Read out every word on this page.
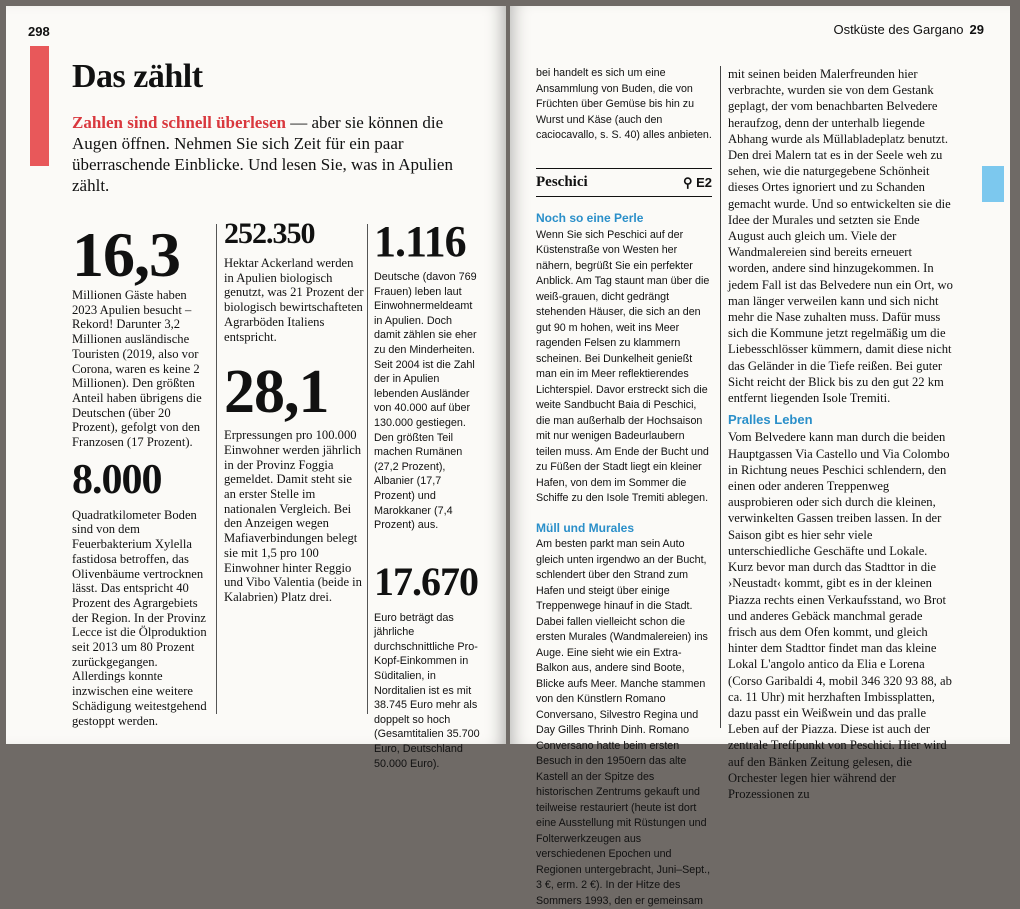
298
Das zählt

Zahlen sind schnell überlesen — aber sie können die Augen öffnen. Nehmen Sie sich Zeit für ein paar überraschende Einblicke. Und lesen Sie, was in Apulien zählt.

16,3

Millionen Gäste haben 2023 Apulien besucht – Rekord! Darunter 3,2 Millionen ausländische Touristen (2019, also vor Corona, waren es keine 2 Millionen). Den größten Anteil haben übrigens die Deutschen (über 20 Prozent), gefolgt von den Franzosen (17 Prozent).

8.000

Quadratkilometer Boden sind von dem Feuerbakterium Xylella fastidosa betroffen, das Olivenbäume vertrocknen lässt. Das entspricht 40 Prozent des Agrargebiets der Region. In der Provinz Lecce ist die Ölproduktion seit 2013 um 80 Prozent zurückgegangen. Allerdings konnte inzwischen eine weitere Schädigung weitestgehend gestoppt werden.

252.350

Hektar Ackerland werden in Apulien biologisch genutzt, was 21 Prozent der biologisch bewirtschafteten Agrarböden Italiens entspricht.

28,1

Erpressungen pro 100.000 Einwohner werden jährlich in der Provinz Foggia gemeldet. Damit steht sie an erster Stelle im nationalen Vergleich. Bei den Anzeigen wegen Mafiaverbindungen belegt sie mit 1,5 pro 100 Einwohner hinter Reggio und Vibo Valentia (beide in Kalabrien) Platz drei.

1.116

Deutsche (davon 769 Frauen) leben laut Einwohnermeldeamt in Apulien. Doch damit zählen sie eher zu den Minderheiten. Seit 2004 ist die Zahl der in Apulien lebenden Ausländer von 40.000 auf über 130.000 gestiegen. Den größten Teil machen Rumänen (27,2 Prozent), Albanier (17,7 Prozent) und Marokkaner (7,4 Prozent) aus.

17.670

Euro beträgt das jährliche durchschnittliche Pro-Kopf-Einkommen in Süditalien, in Norditalien ist es mit 38.745 Euro mehr als doppelt so hoch (Gesamtitalien 35.700 Euro, Deutschland 50.000 Euro).

Ostküste des Gargano 29

bei handelt es sich um eine Ansammlung von Buden, die von Früchten über Gemüse bis hin zu Wurst und Käse (auch den caciocavallo, s. S. 40) alles anbieten.

Peschici	⚲ E2
Noch so eine Perle

Wenn Sie sich Peschici auf der Küstenstraße von Westen her nähern, begrüßt Sie ein perfekter Anblick. Am Tag staunt man über die weiß-grauen, dicht gedrängt stehenden Häuser, die sich an den gut 90 m hohen, weit ins Meer ragenden Felsen zu klammern scheinen. Bei Dunkelheit genießt man ein im Meer reflektierendes Lichterspiel. Davor erstreckt sich die weite Sandbucht Baia di Peschici, die man außerhalb der Hochsaison mit nur wenigen Badeurlaubern teilen muss. Am Ende der Bucht und zu Füßen der Stadt liegt ein kleiner Hafen, von dem im Sommer die Schiffe zu den Isole Tremiti ablegen.

Müll und Murales

Am besten parkt man sein Auto gleich unten irgendwo an der Bucht, schlendert über den Strand zum Hafen und steigt über einige Treppenwege hinauf in die Stadt. Dabei fallen vielleicht schon die ersten Murales (Wandmalereien) ins Auge. Eine sieht wie ein Extra-Balkon aus, andere sind Boote, Blicke aufs Meer. Manche stammen von den Künstlern Romano Conversano, Silvestro Regina und Day Gilles Thrinh Dinh. Romano Conversano hatte beim ersten Besuch in den 1950ern das alte Kastell an der Spitze des historischen Zentrums gekauft und teilweise restauriert (heute ist dort eine Ausstellung mit Rüstungen und Folterwerkzeugen aus verschiedenen Epochen und Regionen untergebracht, Juni–Sept., 3 €, erm. 2 €). In der Hitze des Sommers 1993, den er gemeinsam

mit seinen beiden Malerfreunden hier verbrachte, wurden sie von dem Gestank geplagt, der vom benachbarten Belvedere heraufzog, denn der unterhalb liegende Abhang wurde als Müllabladeplatz benutzt. Den drei Malern tat es in der Seele weh zu sehen, wie die naturgegebene Schönheit dieses Ortes ignoriert und zu Schanden gemacht wurde. Und so entwickelten sie die Idee der Murales und setzten sie Ende August auch gleich um. Viele der Wandmalereien sind bereits erneuert worden, andere sind hinzugekommen. In jedem Fall ist das Belvedere nun ein Ort, wo man länger verweilen kann und sich nicht mehr die Nase zuhalten muss. Dafür muss sich die Kommune jetzt regelmäßig um die Liebesschlösser kümmern, damit diese nicht das Geländer in die Tiefe reißen. Bei guter Sicht reicht der Blick bis zu den gut 22 km entfernt liegenden Isole Tremiti.

Pralles Leben

Vom Belvedere kann man durch die beiden Hauptgassen Via Castello und Via Colombo in Richtung neues Peschici schlendern, den einen oder anderen Treppenweg ausprobieren oder sich durch die kleinen, verwinkelten Gassen treiben lassen. In der Saison gibt es hier sehr viele unterschiedliche Geschäfte und Lokale. Kurz bevor man durch das Stadttor in die ›Neustadt‹ kommt, gibt es in der kleinen Piazza rechts einen Verkaufsstand, wo Brot und anderes Gebäck manchmal gerade frisch aus dem Ofen kommt, und gleich hinter dem Stadttor findet man das kleine Lokal L'angolo antico da Elia e Lorena (Corso Garibaldi 4, mobil 346 320 93 88, ab ca. 11 Uhr) mit herzhaften Imbissplatten, dazu passt ein Weißwein und das pralle Leben auf der Piazza. Diese ist auch der zentrale Treffpunkt von Peschici. Hier wird auf den Bänken Zeitung gelesen, die Orchester legen hier während der Prozessionen zu
